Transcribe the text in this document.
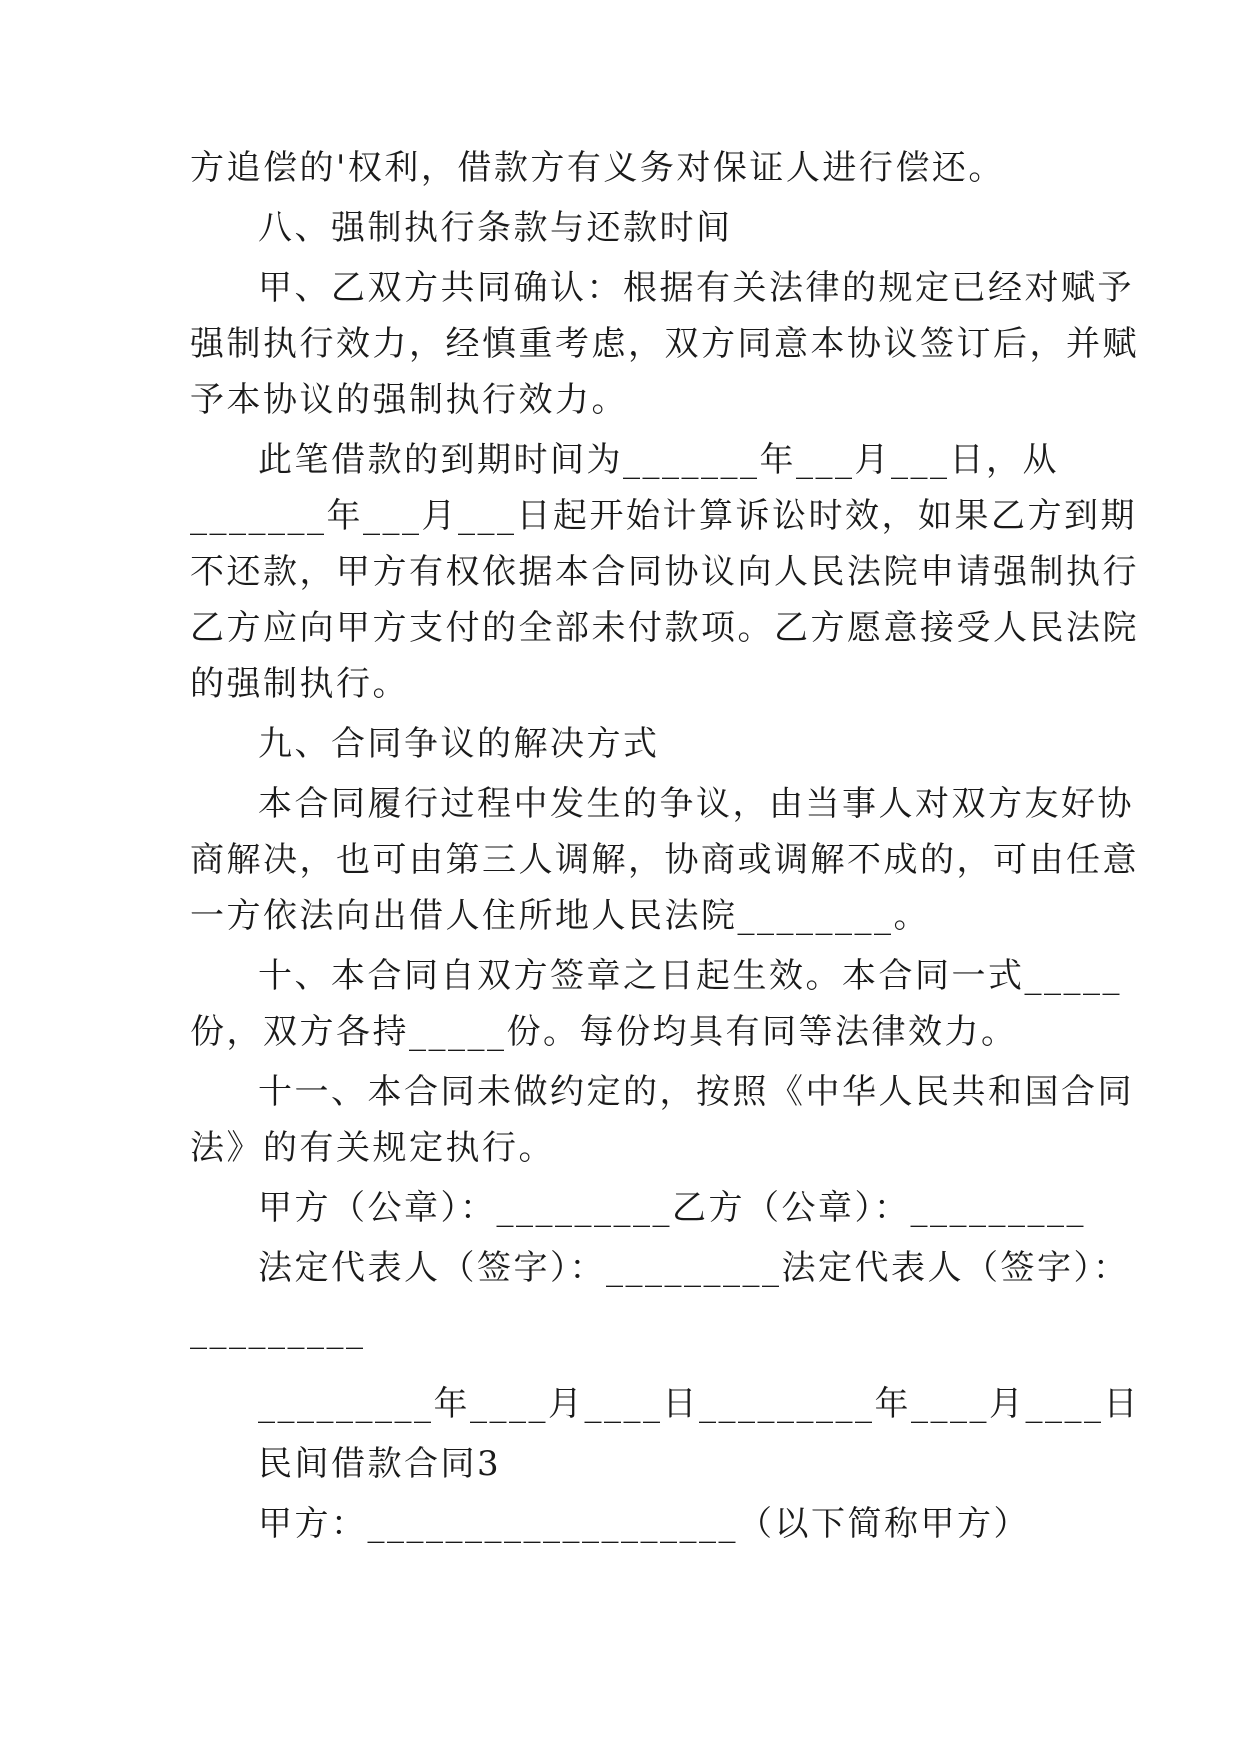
方追偿的'权利，借款方有义务对保证人进行偿还。
八、强制执行条款与还款时间
甲、乙双方共同确认：根据有关法律的规定已经对赋予
强制执行效力，经慎重考虑，双方同意本协议签订后，并赋
予本协议的强制执行效力。
此笔借款的到期时间为_______年___月___日，从
_______年___月___日起开始计算诉讼时效，如果乙方到期
不还款，甲方有权依据本合同协议向人民法院申请强制执行
乙方应向甲方支付的全部未付款项。乙方愿意接受人民法院
的强制执行。
九、合同争议的解决方式
本合同履行过程中发生的争议，由当事人对双方友好协
商解决，也可由第三人调解，协商或调解不成的，可由任意
一方依法向出借人住所地人民法院________。
十、本合同自双方签章之日起生效。本合同一式_____
份，双方各持_____份。每份均具有同等法律效力。
十一、本合同未做约定的，按照《中华人民共和国合同
法》的有关规定执行。
甲方（公章）：_________乙方（公章）：_________
法定代表人（签字）：_________法定代表人（签字）：
_________
_________年____月____日_________年____月____日
民间借款合同3
甲方：___________________（以下简称甲方）
